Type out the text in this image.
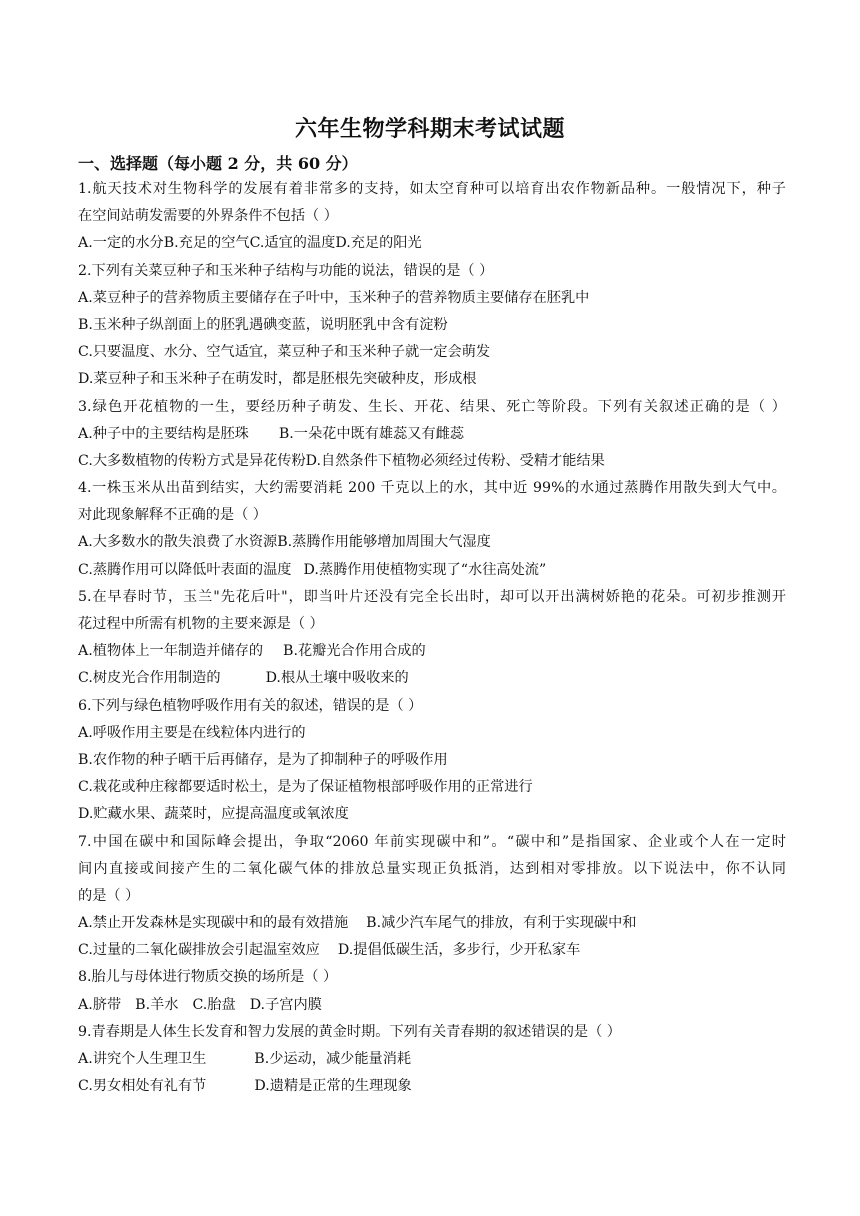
六年生物学科期末考试试题
一、选择题（每小题 2 分，共 60 分）
1.航天技术对生物科学的发展有着非常多的支持，如太空育种可以培育出农作物新品种。一般情况下，种子
在空间站萌发需要的外界条件不包括（ ）
A.一定的水分B.充足的空气C.适宜的温度D.充足的阳光
2.下列有关菜豆种子和玉米种子结构与功能的说法，错误的是（ ）
A.菜豆种子的营养物质主要储存在子叶中，玉米种子的营养物质主要储存在胚乳中
B.玉米种子纵剖面上的胚乳遇碘变蓝，说明胚乳中含有淀粉
C.只要温度、水分、空气适宜，菜豆种子和玉米种子就一定会萌发
D.菜豆种子和玉米种子在萌发时，都是胚根先突破种皮，形成根
3.绿色开花植物的一生，要经历种子萌发、生长、开花、结果、死亡等阶段。下列有关叙述正确的是（ ）
A.种子中的主要结构是胚珠 B.一朵花中既有雄蕊又有雌蕊
C.大多数植物的传粉方式是异花传粉D.自然条件下植物必须经过传粉、受精才能结果
4.一株玉米从出苗到结实，大约需要消耗 200 千克以上的水，其中近 99%的水通过蒸腾作用散失到大气中。
对此现象解释不正确的是（ ）
A.大多数水的散失浪费了水资源B.蒸腾作用能够增加周围大气湿度
C.蒸腾作用可以降低叶表面的温度 D.蒸腾作用使植物实现了“水往高处流”
5.在早春时节，玉兰"先花后叶"，即当叶片还没有完全长出时，却可以开出满树娇艳的花朵。可初步推测开
花过程中所需有机物的主要来源是（ ）
A.植物体上一年制造并储存的 B.花瓣光合作用合成的
C.树皮光合作用制造的	D.根从土壤中吸收来的
6.下列与绿色植物呼吸作用有关的叙述，错误的是（ ）
A.呼吸作用主要是在线粒体内进行的
B.农作物的种子晒干后再储存，是为了抑制种子的呼吸作用
C.栽花或种庄稼都要适时松土，是为了保证植物根部呼吸作用的正常进行
D.贮藏水果、蔬菜时，应提高温度或氧浓度
7.中国在碳中和国际峰会提出，争取“2060 年前实现碳中和”。“碳中和”是指国家、企业或个人在一定时
间内直接或间接产生的二氧化碳气体的排放总量实现正负抵消，达到相对零排放。以下说法中，你不认同
的是（ ）
A.禁止开发森林是实现碳中和的最有效措施 B.减少汽车尾气的排放，有利于实现碳中和
C.过量的二氧化碳排放会引起温室效应 D.提倡低碳生活，多步行，少开私家车
8.胎儿与母体进行物质交换的场所是（ ）
A.脐带 B.羊水 C.胎盘 D.子宫内膜
9.青春期是人体生长发育和智力发展的黄金时期。下列有关青春期的叙述错误的是（ ）
A.讲究个人生理卫生	B.少运动，减少能量消耗
C.男女相处有礼有节	D.遗精是正常的生理现象
